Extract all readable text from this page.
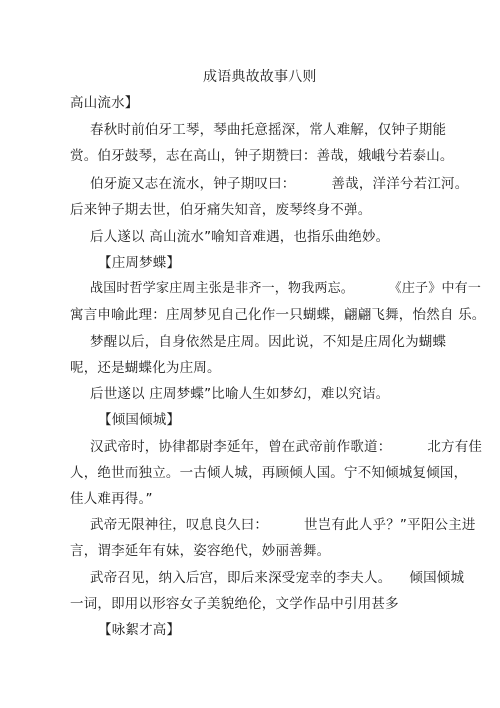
成语典故故事八则
高山流水】
春秋时前伯牙工琴，琴曲托意摇深，常人难解，仅钟子期能
赏。伯牙鼓琴，志在高山，钟子期赞曰：善哉，娥峨兮若泰山。
伯牙旋又志在流水，钟子期叹曰：        善哉，洋洋兮若江河。
后来钟子期去世，伯牙痛失知音，废琴终身不弹。
后人遂以 高山流水”喻知音难遇，也指乐曲绝妙。
【庄周梦蝶】
战国时哲学家庄周主张是非齐一，物我两忘。        《庄子》中有一
寓言申喻此理：庄周梦见自己化作一只蝴蝶，翩翩飞舞，怡然自 乐。
梦醒以后，自身依然是庄周。因此说，不知是庄周化为蝴蝶
呢，还是蝴蝶化为庄周。
后世遂以 庄周梦蝶”比喻人生如梦幻，难以究诘。
【倾国倾城】
汉武帝时，协律都尉李延年，曾在武帝前作歌道：        北方有佳
人，绝世而独立。一古倾人城，再顾倾人国。宁不知倾城复倾国，
佳人难再得。”
武帝无限神往，叹息良久曰：        世岂有此人乎？”平阳公主进
言，谓李延年有妹，姿容绝代，妙丽善舞。
武帝召见，纳入后宫，即后来深受宠幸的李夫人。    倾国倾城
一词，即用以形容女子美貌绝伦，文学作品中引用甚多
【咏絮才高】
